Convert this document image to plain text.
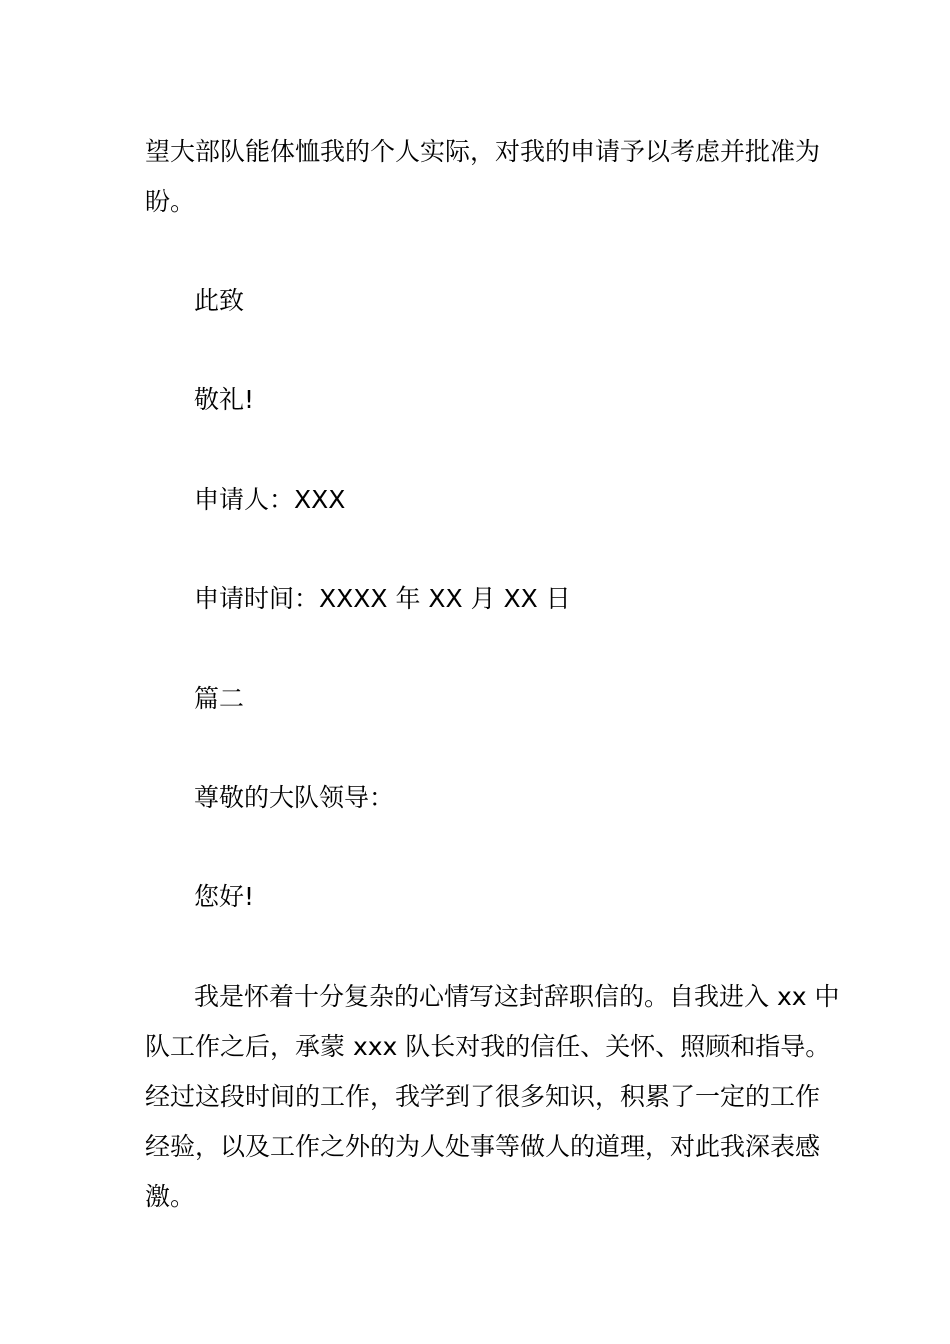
望大部队能体恤我的个人实际，对我的申请予以考虑并批准为
盼。
此致
敬礼!
申请人：XXX
申请时间：XXXX 年 XX 月 XX 日
篇二
尊敬的大队领导：
您好!
我是怀着十分复杂的心情写这封辞职信的。自我进入 xx 中
队工作之后，承蒙 xxx 队长对我的信任、关怀、照顾和指导。
经过这段时间的工作，我学到了很多知识，积累了一定的工作
经验，以及工作之外的为人处事等做人的道理，对此我深表感
激。
